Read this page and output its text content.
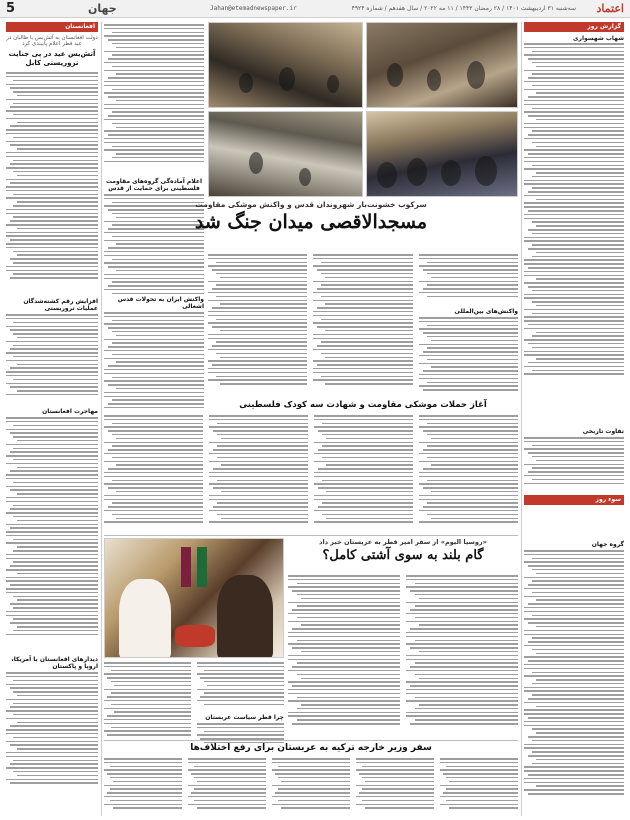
5	جهان	Jahan@etemadnewspaper.ir	سه‌شنبه ۳۱ اردیبهشت ۱۴۰۱ / ۲۸ رمضان ۱۴۴۳ / ۱۱ مه ۲۰۲۲ / سال هفدهم / شماره ۴۹۲۴ اعتماد
گزارش روز
شهاب شهسواری
تفاوت تاریخی
سوء روز
گروه جهان
افغانستان
دولت افغانستان به آتش‌بس با طالبان در عید فطر اعلام پایبندی کرد
آتش‌بس عید در پی جنایت تروریستی کابل
افزایش رقم کشته‌شدگان عملیات تروریستی
مهاجرت افغانستان
دیدارهای افغانستان با آمریکا، اروپا و پاکستان
اعلام آماده‌گی گروه‌های مقاومت فلسطینی برای حمایت از قدس
سرکوب خشونت‌بار شهروندان قدس و واکنش موشکی مقاومت
مسجدالاقصی میدان جنگ شد
واکنش‌های بین‌المللی
واکنش ایران به تحولات قدس اشغالی
آغاز حملات موشکی مقاومت و شهادت سه کودک فلسطینی
«روسیا الیوم» از سفر امیر قطر به عربستان خبر داد
گام بلند به سوی آشتی کامل؟
چرا قطر سیاست عربستان
سفر وزیر خارجه ترکیه به عربستان برای رفع اختلاف‌ها
